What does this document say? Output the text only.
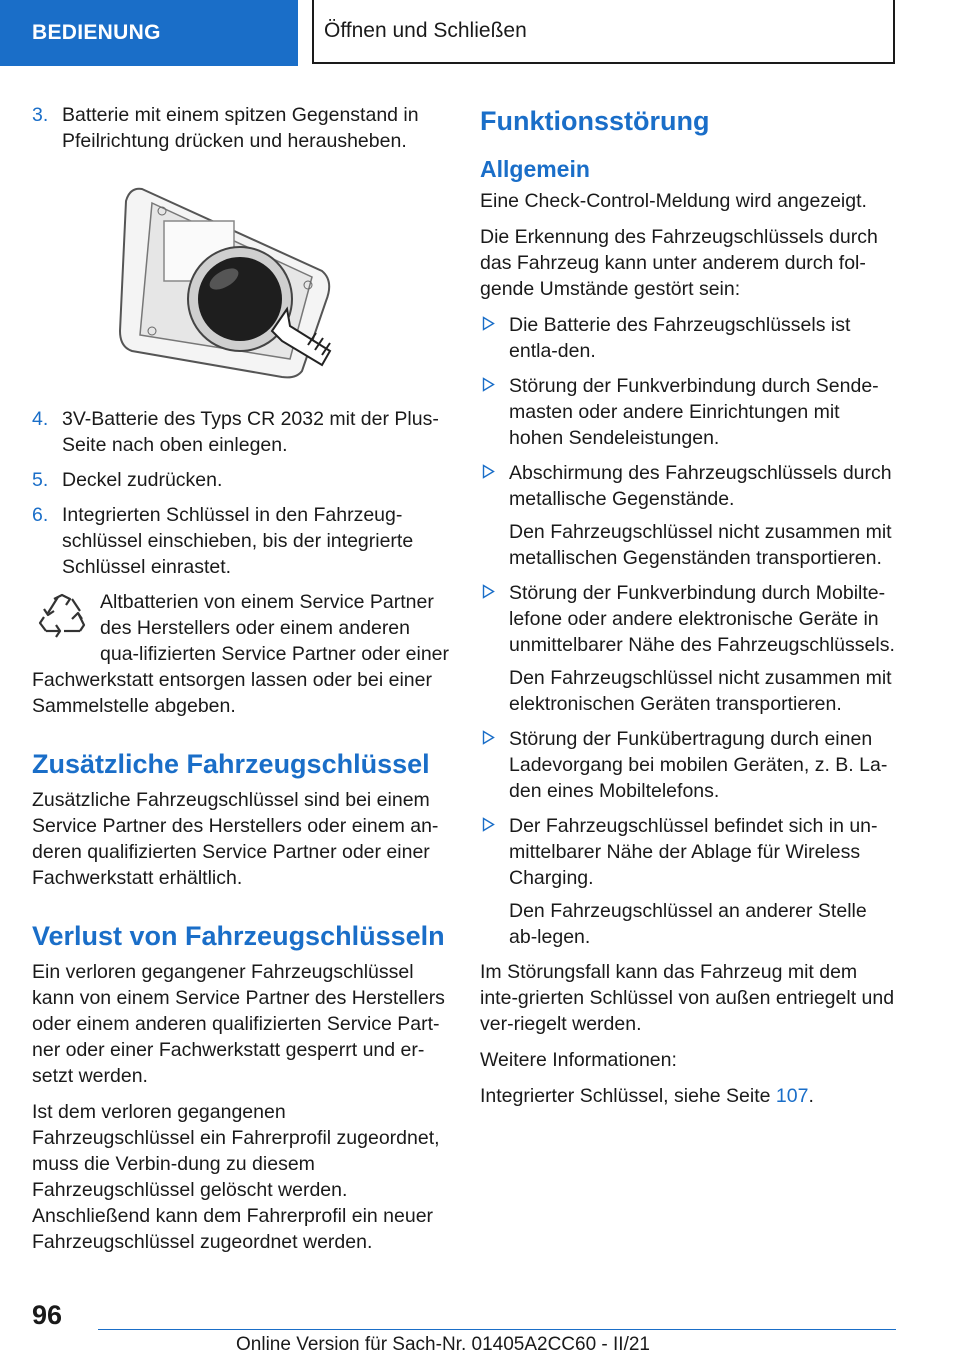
BEDIENUNG	Öffnen und Schließen
3. Batterie mit einem spitzen Gegenstand in Pfeilrichtung drücken und herausheben.
4. 3V-Batterie des Typs CR 2032 mit der Plus-Seite nach oben einlegen.
5. Deckel zudrücken.
6. Integrierten Schlüssel in den Fahrzeug-schlüssel einschieben, bis der integrierte Schlüssel einrastet.
Altbatterien von einem Service Partner des Herstellers oder einem anderen qua-lifizierten Service Partner oder einer Fachwerkstatt entsorgen lassen oder bei einer Sammelstelle abgeben.
Zusätzliche Fahrzeugschlüssel

Zusätzliche Fahrzeugschlüssel sind bei einem Service Partner des Herstellers oder einem an-deren qualifizierten Service Partner oder einer Fachwerkstatt erhältlich.

Verlust von Fahrzeugschlüsseln

Ein verloren gegangener Fahrzeugschlüssel kann von einem Service Partner des Herstellers oder einem anderen qualifizierten Service Part-ner oder einer Fachwerkstatt gesperrt und er-setzt werden.

Ist dem verloren gegangenen Fahrzeugschlüssel ein Fahrerprofil zugeordnet, muss die Verbin-dung zu diesem Fahrzeugschlüssel gelöscht werden. Anschließend kann dem Fahrerprofil ein neuer Fahrzeugschlüssel zugeordnet werden.

Funktionsstörung
Allgemein

Eine Check-Control-Meldung wird angezeigt.

Die Erkennung des Fahrzeugschlüssels durch das Fahrzeug kann unter anderem durch fol-gende Umstände gestört sein:

Die Batterie des Fahrzeugschlüssels ist entla-den.
Störung der Funkverbindung durch Sende-masten oder andere Einrichtungen mit hohen Sendeleistungen.
Abschirmung des Fahrzeugschlüssels durch metallische Gegenstände.
Den Fahrzeugschlüssel nicht zusammen mit metallischen Gegenständen transportieren.
Störung der Funkverbindung durch Mobilte-lefone oder andere elektronische Geräte in unmittelbarer Nähe des Fahrzeugschlüssels.
Den Fahrzeugschlüssel nicht zusammen mit elektronischen Geräten transportieren.
Störung der Funkübertragung durch einen Ladevorgang bei mobilen Geräten, z. B. La-den eines Mobiltelefons.
Der Fahrzeugschlüssel befindet sich in un-mittelbarer Nähe der Ablage für Wireless Charging.
Den Fahrzeugschlüssel an anderer Stelle ab-legen.

Im Störungsfall kann das Fahrzeug mit dem inte-grierten Schlüssel von außen entriegelt und ver-riegelt werden.

Weitere Informationen:

Integrierter Schlüssel, siehe Seite 107.

96
Online Version für Sach-Nr. 01405A2CC60 - II/21
